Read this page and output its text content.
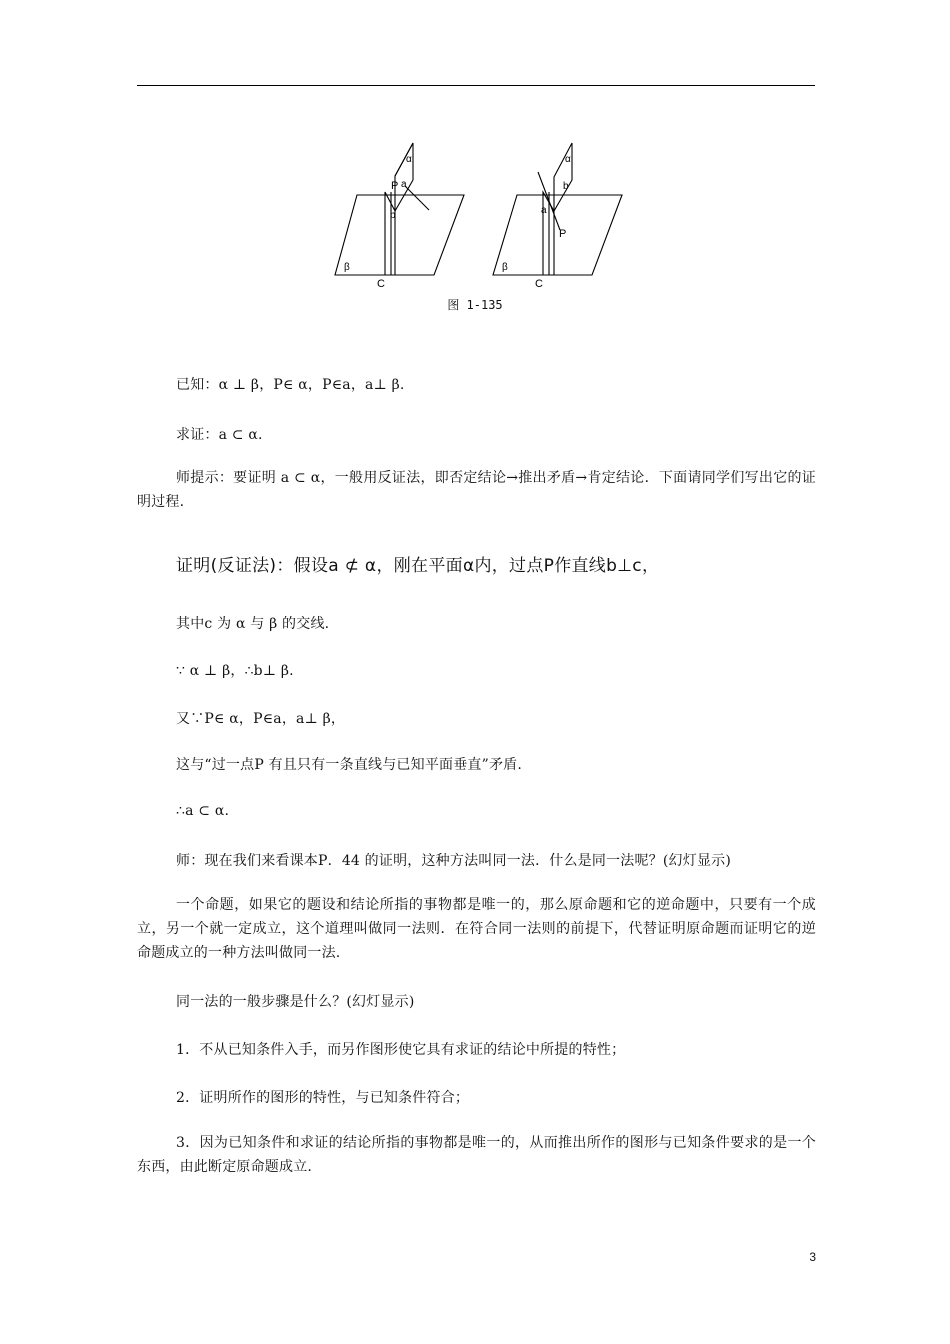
α
P a
b
β
C
α
b
a
P
β
C
图 1-135
已知：α ⊥ β，P∈ α，P∈a，a⊥ β.
求证：a ⊂ α.
师提示：要证明 a ⊂ α，一般用反证法，即否定结论→推出矛盾→肯定结论．下面请同学们写出它的证明过程.
证明(反证法)：假设a ⊄ α，刚在平面α内，过点P作直线b⊥c，
其中c 为 α 与 β 的交线.
∵ α ⊥ β，∴b⊥ β.
又∵P∈ α，P∈a，a⊥ β，
这与“过一点P 有且只有一条直线与已知平面垂直”矛盾.
∴a ⊂ α.
师：现在我们来看课本P．44 的证明，这种方法叫同一法．什么是同一法呢？(幻灯显示)
一个命题，如果它的题设和结论所指的事物都是唯一的，那么原命题和它的逆命题中，只要有一个成立，另一个就一定成立，这个道理叫做同一法则．在符合同一法则的前提下，代替证明原命题而证明它的逆命题成立的一种方法叫做同一法.
同一法的一般步骤是什么？(幻灯显示)
1．不从已知条件入手，而另作图形使它具有求证的结论中所提的特性；
2．证明所作的图形的特性，与已知条件符合；
3．因为已知条件和求证的结论所指的事物都是唯一的，从而推出所作的图形与已知条件要求的是一个东西，由此断定原命题成立.
3
